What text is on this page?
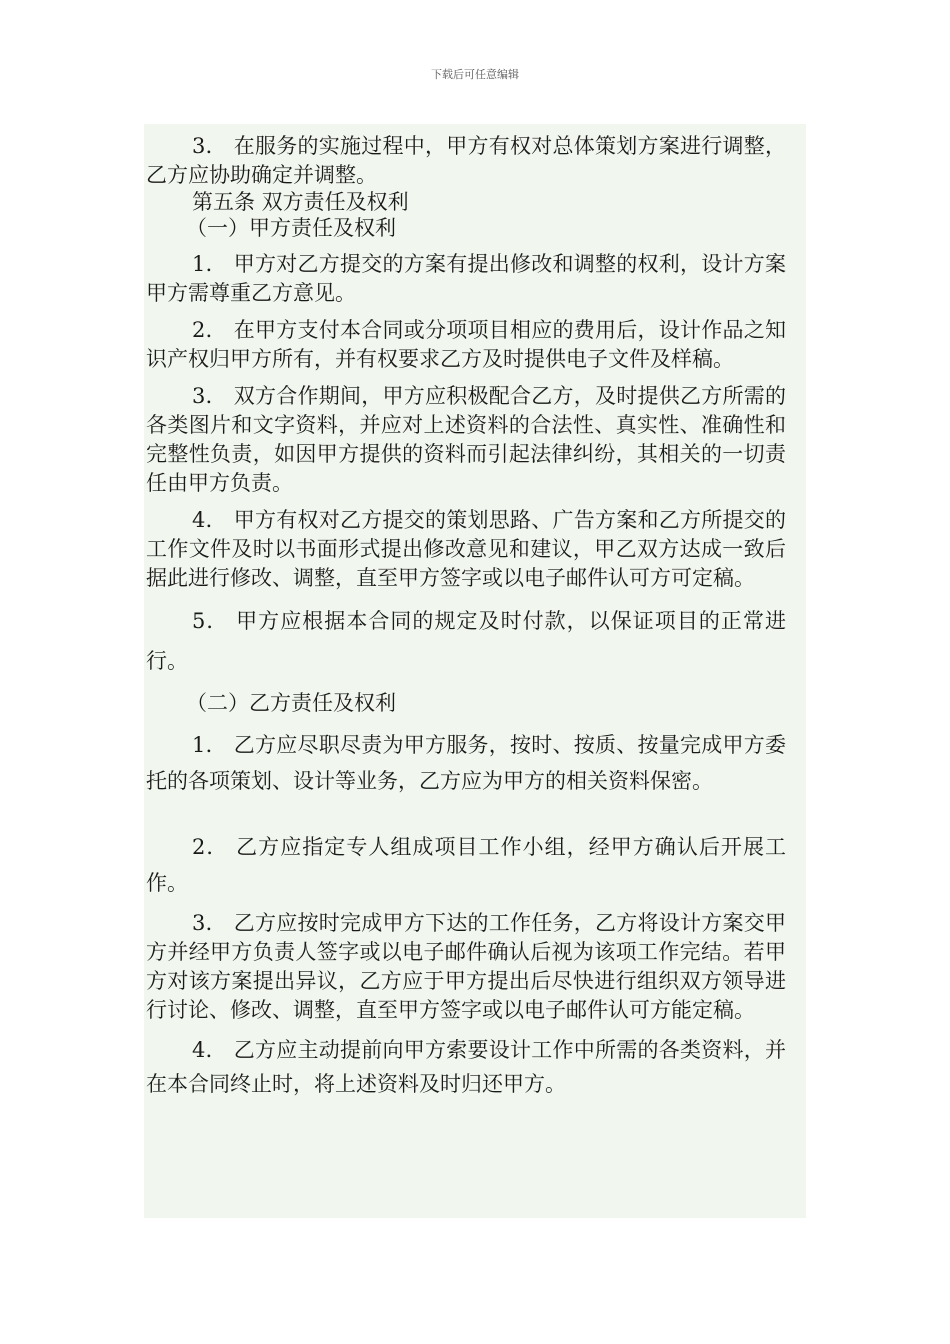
下载后可任意编辑

3． 在服务的实施过程中，甲方有权对总体策划方案进行调整，乙方应协助确定并调整。

第五条 双方责任及权利

（一）甲方责任及权利

1． 甲方对乙方提交的方案有提出修改和调整的权利，设计方案甲方需尊重乙方意见。

2． 在甲方支付本合同或分项项目相应的费用后，设计作品之知识产权归甲方所有，并有权要求乙方及时提供电子文件及样稿。

3． 双方合作期间，甲方应积极配合乙方，及时提供乙方所需的各类图片和文字资料，并应对上述资料的合法性、真实性、准确性和完整性负责，如因甲方提供的资料而引起法律纠纷，其相关的一切责任由甲方负责。

4． 甲方有权对乙方提交的策划思路、广告方案和乙方所提交的工作文件及时以书面形式提出修改意见和建议，甲乙双方达成一致后据此进行修改、调整，直至甲方签字或以电子邮件认可方可定稿。

5． 甲方应根据本合同的规定及时付款，以保证项目的正常进行。

（二）乙方责任及权利

1． 乙方应尽职尽责为甲方服务，按时、按质、按量完成甲方委托的各项策划、设计等业务，乙方应为甲方的相关资料保密。

2． 乙方应指定专人组成项目工作小组，经甲方确认后开展工作。

3． 乙方应按时完成甲方下达的工作任务，乙方将设计方案交甲方并经甲方负责人签字或以电子邮件确认后视为该项工作完结。若甲方对该方案提出异议，乙方应于甲方提出后尽快进行组织双方领导进行讨论、修改、调整，直至甲方签字或以电子邮件认可方能定稿。

4． 乙方应主动提前向甲方索要设计工作中所需的各类资料，并在本合同终止时，将上述资料及时归还甲方。
